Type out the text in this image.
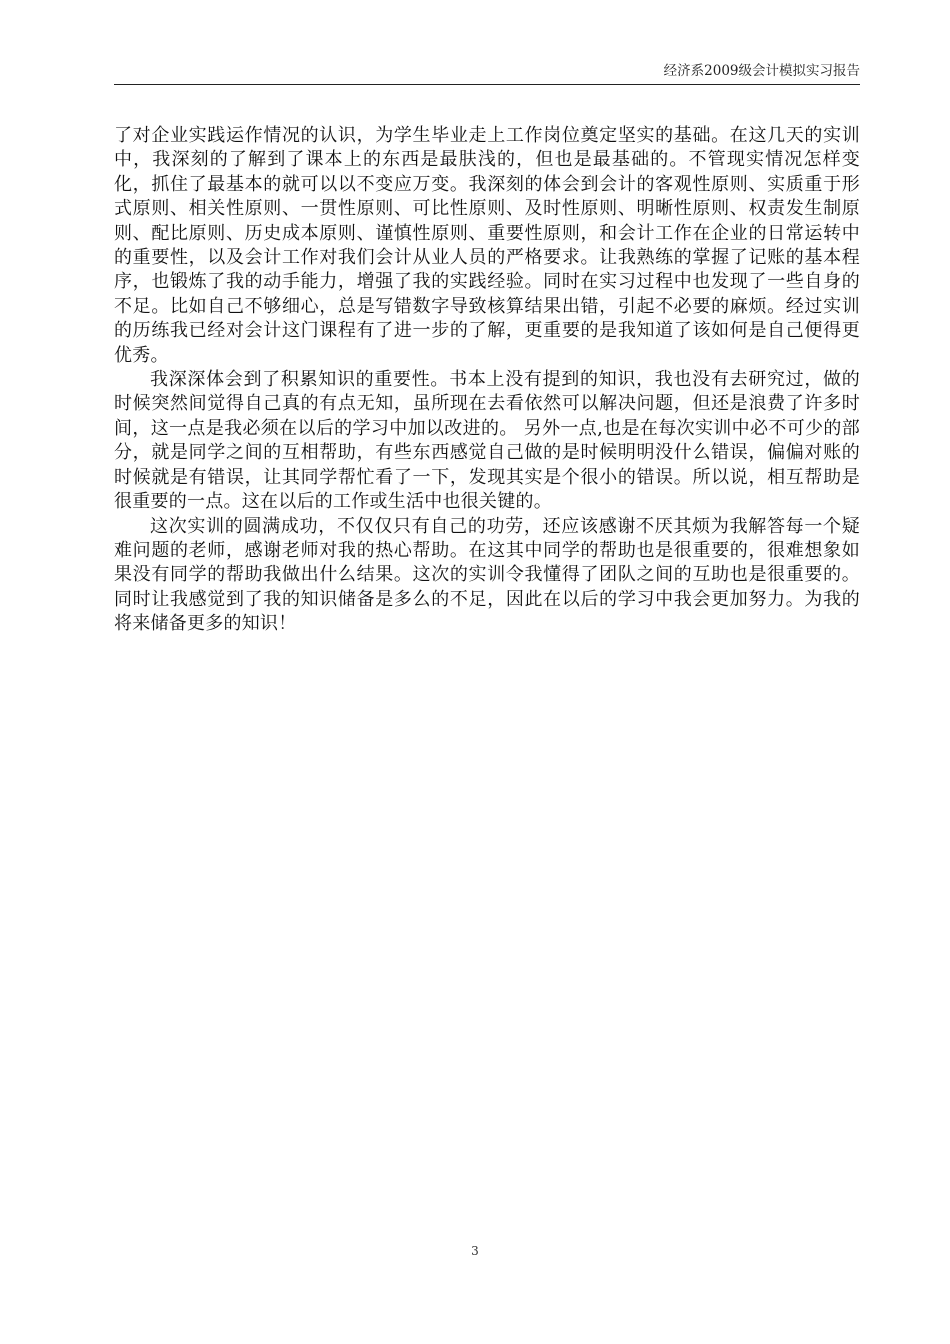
经济系2009级会计模拟实习报告

了对企业实践运作情况的认识，为学生毕业走上工作岗位奠定坚实的基础。在这几天的实训中，我深刻的了解到了课本上的东西是最肤浅的，但也是最基础的。不管现实情况怎样变化，抓住了最基本的就可以以不变应万变。我深刻的体会到会计的客观性原则、实质重于形式原则、相关性原则、一贯性原则、可比性原则、及时性原则、明晰性原则、权责发生制原则、配比原则、历史成本原则、谨慎性原则、重要性原则，和会计工作在企业的日常运转中的重要性，以及会计工作对我们会计从业人员的严格要求。让我熟练的掌握了记账的基本程序，也锻炼了我的动手能力，增强了我的实践经验。同时在实习过程中也发现了一些自身的不足。比如自己不够细心，总是写错数字导致核算结果出错，引起不必要的麻烦。经过实训的历练我已经对会计这门课程有了进一步的了解，更重要的是我知道了该如何是自己便得更优秀。

我深深体会到了积累知识的重要性。书本上没有提到的知识，我也没有去研究过，做的时候突然间觉得自己真的有点无知，虽所现在去看依然可以解决问题，但还是浪费了许多时间，这一点是我必须在以后的学习中加以改进的。 另外一点,也是在每次实训中必不可少的部分，就是同学之间的互相帮助，有些东西感觉自己做的是时候明明没什么错误，偏偏对账的时候就是有错误，让其同学帮忙看了一下，发现其实是个很小的错误。所以说，相互帮助是很重要的一点。这在以后的工作或生活中也很关键的。

这次实训的圆满成功，不仅仅只有自己的功劳，还应该感谢不厌其烦为我解答每一个疑难问题的老师，感谢老师对我的热心帮助。在这其中同学的帮助也是很重要的，很难想象如果没有同学的帮助我做出什么结果。这次的实训令我懂得了团队之间的互助也是很重要的。同时让我感觉到了我的知识储备是多么的不足，因此在以后的学习中我会更加努力。为我的将来储备更多的知识！

3
